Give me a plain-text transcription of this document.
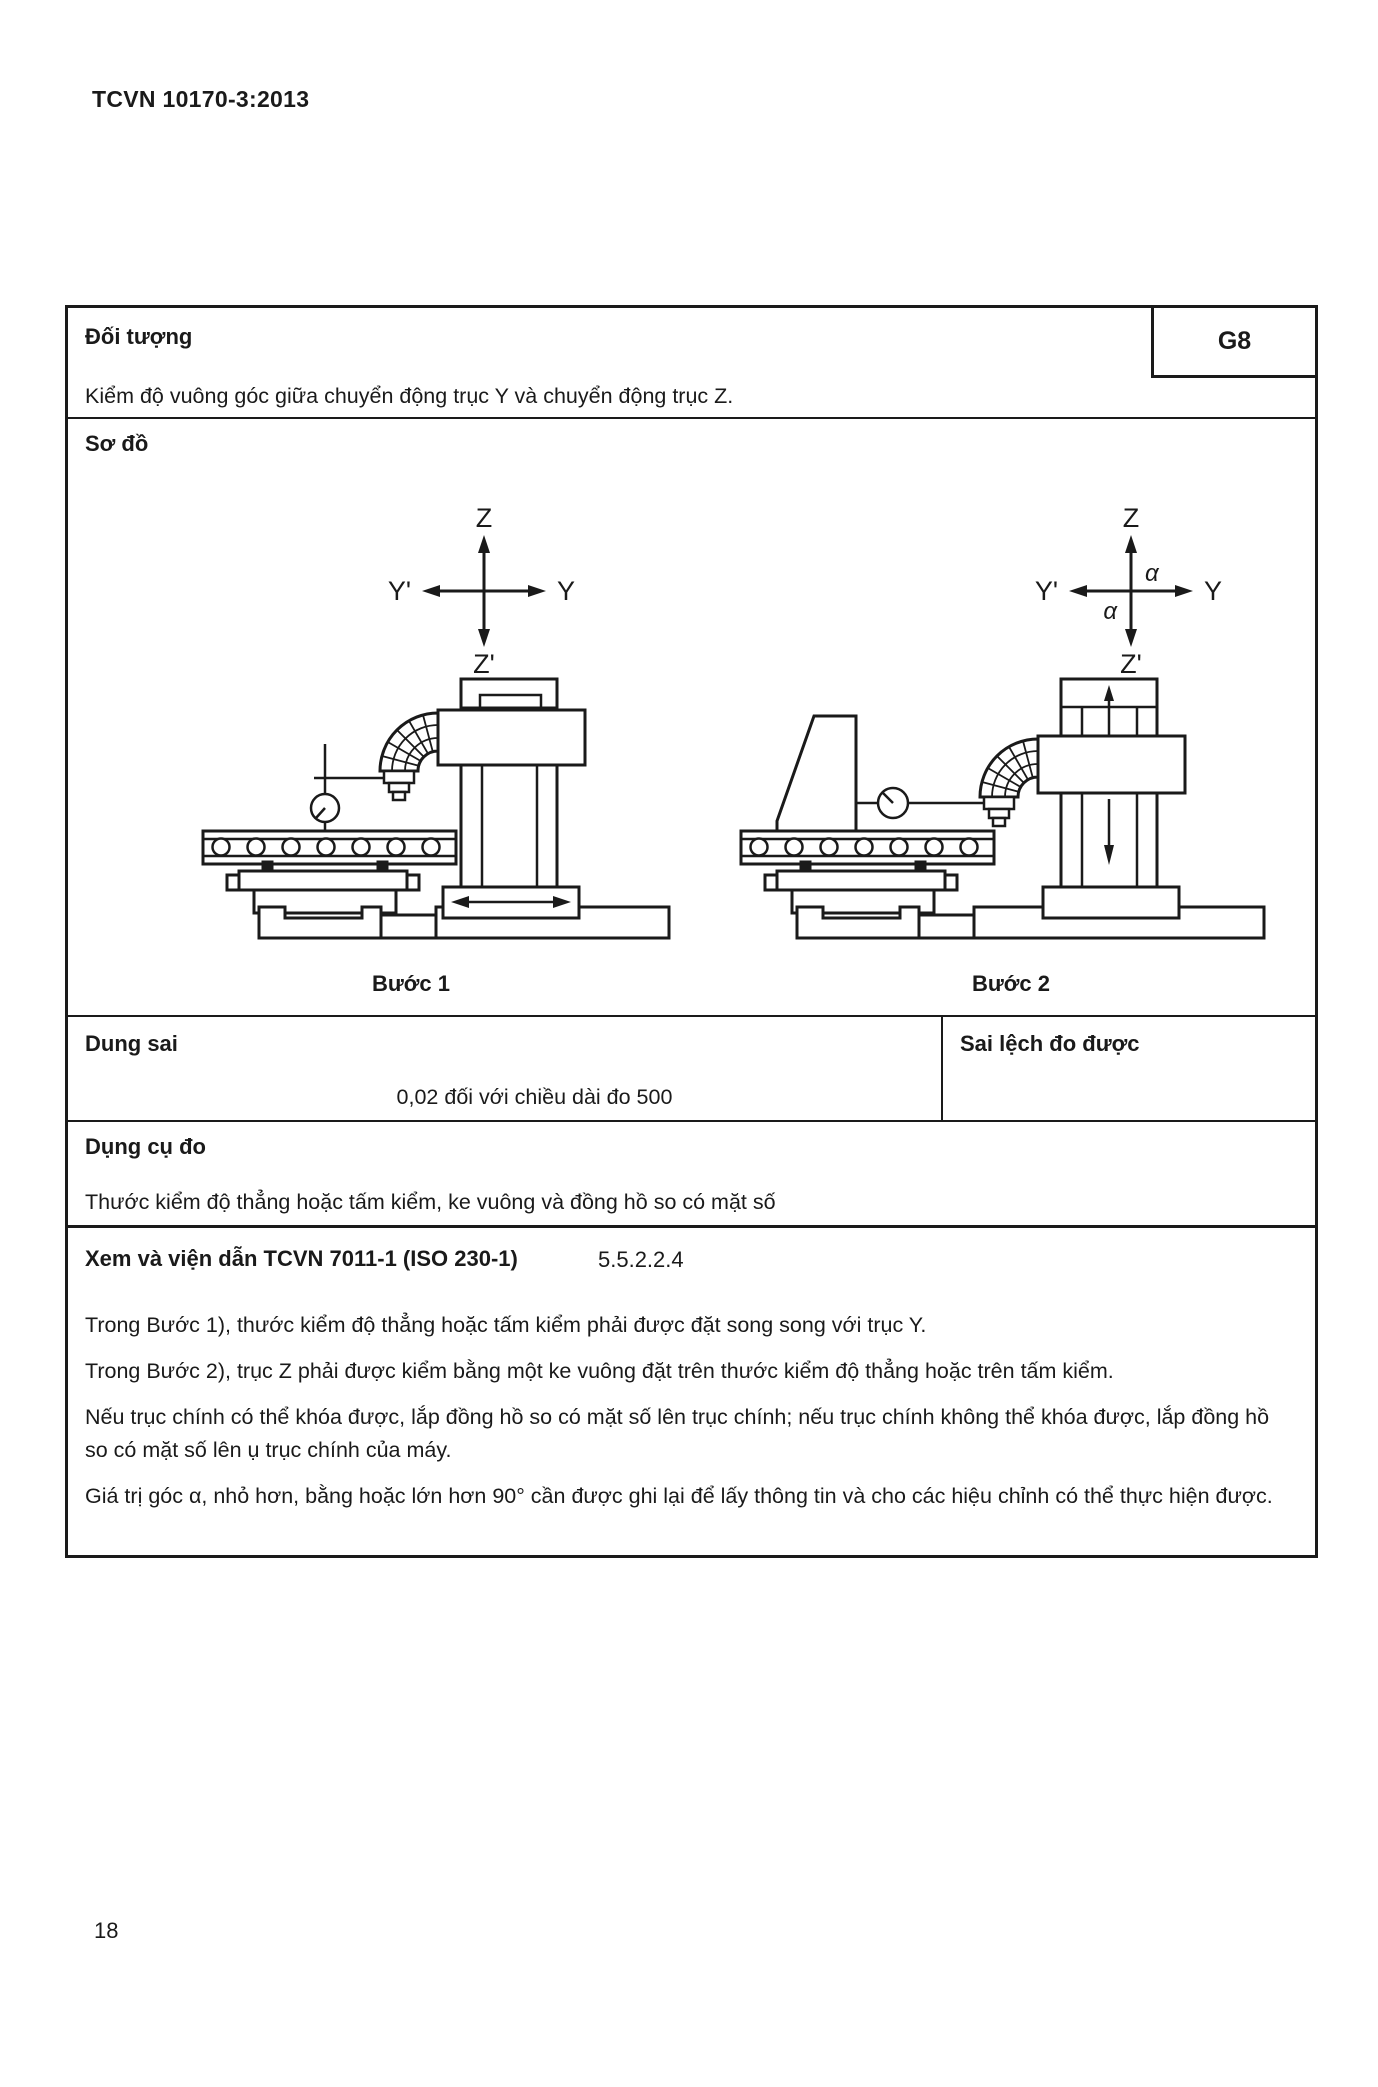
TCVN 10170-3:2013
Đối tượng	G8
Kiểm độ vuông góc giữa chuyển động trục Y và chuyển động trục Z.
Sơ đồ
Z
Z'
Y
Y'
Z
Z'
Y
Y'
α
α
Bước 1	Bước 2
Dung sai
0,02 đối với chiều dài đo 500
Sai lệch đo được
Dụng cụ đo
Thước kiểm độ thẳng hoặc tấm kiểm, ke vuông và đồng hồ so có mặt số
Xem và viện dẫn TCVN 7011-1 (ISO 230-1)	5.5.2.2.4

Trong Bước 1), thước kiểm độ thẳng hoặc tấm kiểm phải được đặt song song với trục Y.

Trong Bước 2), trục Z phải được kiểm bằng một ke vuông đặt trên thước kiểm độ thẳng hoặc trên tấm kiểm.

Nếu trục chính có thể khóa được, lắp đồng hồ so có mặt số lên trục chính; nếu trục chính không thể khóa được, lắp đồng hồ so có mặt số lên ụ trục chính của máy.

Giá trị góc α, nhỏ hơn, bằng hoặc lớn hơn 90° cần được ghi lại để lấy thông tin và cho các hiệu chỉnh có thể thực hiện được.

18
